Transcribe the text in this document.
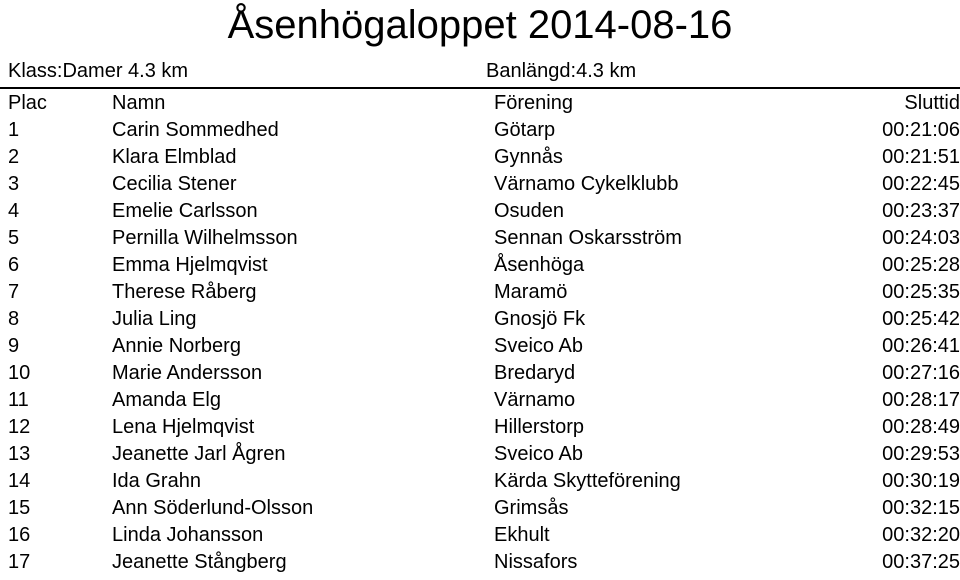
Åsenhögaloppet 2014-08-16
Klass:Damer 4.3 km	Banlängd:4.3 km
Plac	Namn	Förening	Sluttid
1	Carin Sommedhed	Götarp	00:21:06
2	Klara Elmblad	Gynnås	00:21:51
3	Cecilia Stener	Värnamo Cykelklubb	00:22:45
4	Emelie Carlsson	Osuden	00:23:37
5	Pernilla Wilhelmsson	Sennan Oskarsström	00:24:03
6	Emma Hjelmqvist	Åsenhöga	00:25:28
7	Therese Råberg	Maramö	00:25:35
8	Julia Ling	Gnosjö Fk	00:25:42
9	Annie Norberg	Sveico Ab	00:26:41
10	Marie Andersson	Bredaryd	00:27:16
11	Amanda Elg	Värnamo	00:28:17
12	Lena Hjelmqvist	Hillerstorp	00:28:49
13	Jeanette Jarl Ågren	Sveico Ab	00:29:53
14	Ida Grahn	Kärda Skytteförening	00:30:19
15	Ann Söderlund-Olsson	Grimsås	00:32:15
16	Linda Johansson	Ekhult	00:32:20
17	Jeanette Stångberg	Nissafors	00:37:25
